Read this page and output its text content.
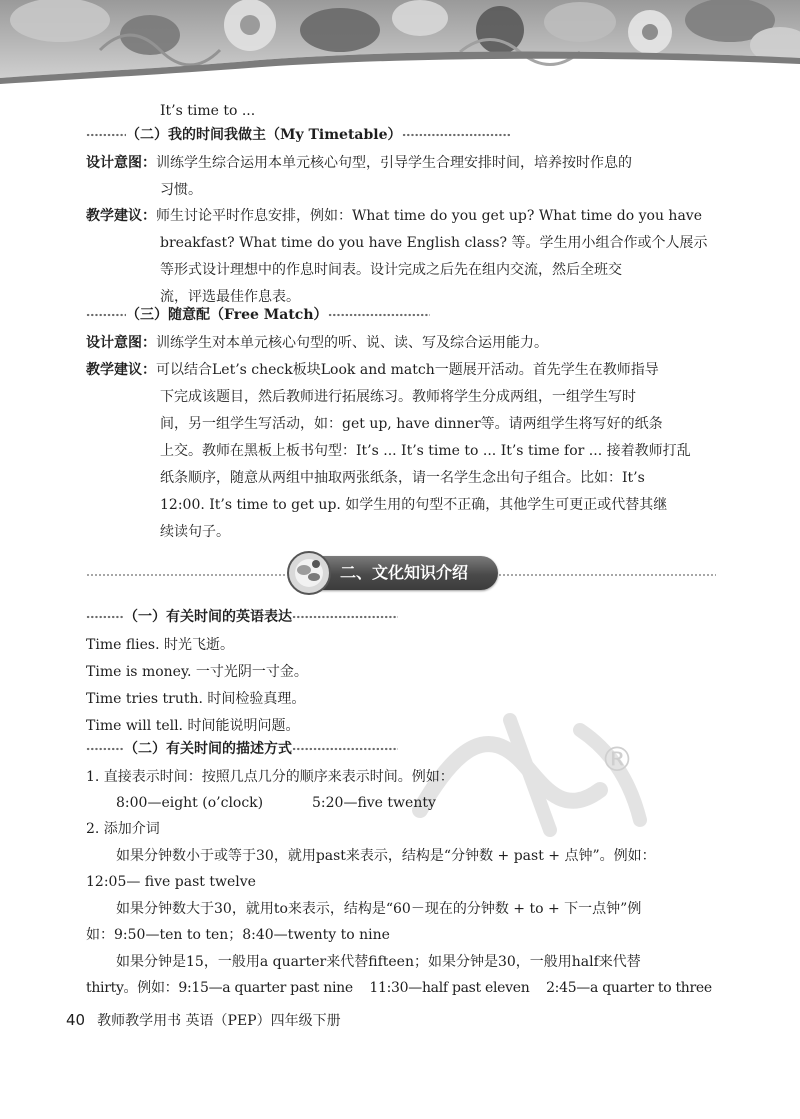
It’s time to ...
（二）我的时间我做主（My Timetable）
设计意图：训练学生综合运用本单元核心句型，引导学生合理安排时间，培养按时作息的
习惯。
教学建议：师生讨论平时作息安排，例如：What time do you get up? What time do you have
breakfast? What time do you have English class? 等。学生用小组合作或个人展示
等形式设计理想中的作息时间表。设计完成之后先在组内交流，然后全班交
流，评选最佳作息表。
（三）随意配（Free Match）
设计意图：训练学生对本单元核心句型的听、说、读、写及综合运用能力。
教学建议：可以结合Let’s check板块Look and match一题展开活动。首先学生在教师指导
下完成该题目，然后教师进行拓展练习。教师将学生分成两组，一组学生写时
间，另一组学生写活动，如：get up, have dinner等。请两组学生将写好的纸条
上交。教师在黑板上板书句型：It’s ... It’s time to ... It’s time for ... 接着教师打乱
纸条顺序，随意从两组中抽取两张纸条，请一名学生念出句子组合。比如：It’s
12:00. It’s time to get up. 如学生用的句型不正确，其他学生可更正或代替其继
续读句子。
二、文化知识介绍
（一）有关时间的英语表达
Time flies. 时光飞逝。
Time is money. 一寸光阴一寸金。
Time tries truth. 时间检验真理。
Time will tell. 时间能说明问题。
®
（二）有关时间的描述方式
1. 直接表示时间：按照几点几分的顺序来表示时间。例如：
8:00—eight (o’clock)	5:20—five twenty
2. 添加介词
如果分钟数小于或等于30，就用past来表示，结构是“分钟数 + past + 点钟”。例如：
12:05— five past twelve
如果分钟数大于30，就用to来表示，结构是“60－现在的分钟数 + to + 下一点钟”例
如：9:50—ten to ten；8:40—twenty to nine
如果分钟是15，一般用a quarter来代替fifteen；如果分钟是30，一般用half来代替
thirty。例如：9:15—a quarter past nine    11:30—half past eleven    2:45—a quarter to three
40 教师教学用书 英语（PEP）四年级下册
